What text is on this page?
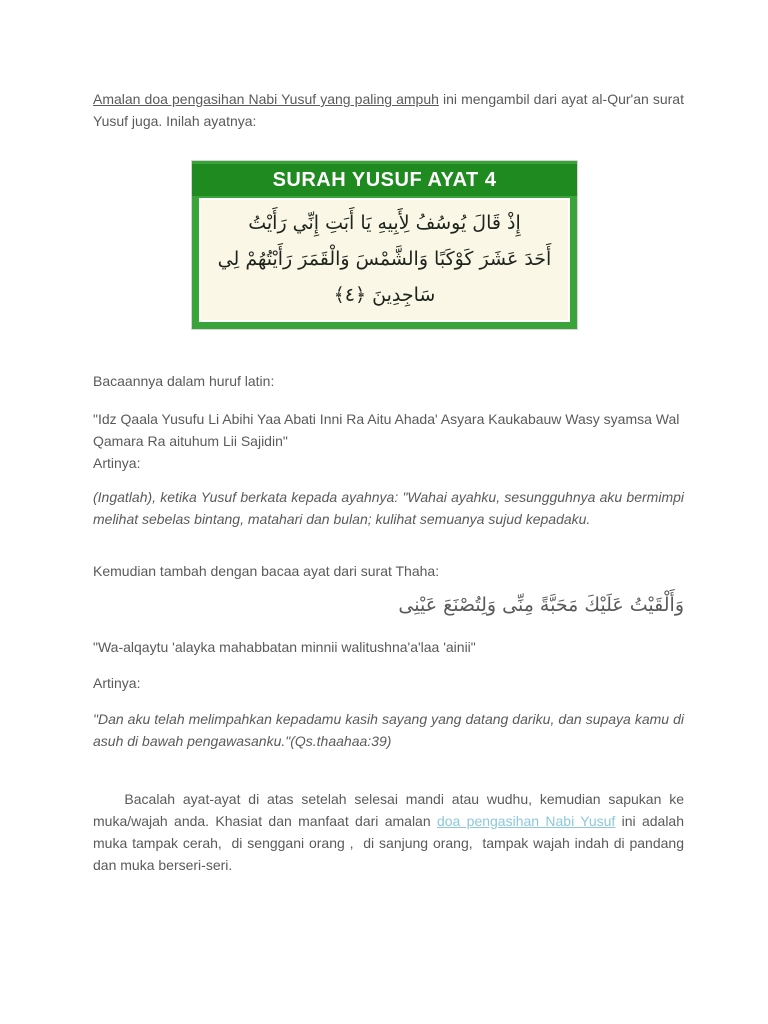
Amalan doa pengasihan Nabi Yusuf yang paling ampuh ini mengambil dari ayat al-Qur'an surat Yusuf juga. Inilah ayatnya:
SURAH YUSUF AYAT 4
إِذْ قَالَ يُوسُفُ لِأَبِيهِ يَا أَبَتِ إِنِّي رَأَيْتُ
أَحَدَ عَشَرَ كَوْكَبًا وَالشَّمْسَ وَالْقَمَرَ رَأَيْتُهُمْ لِي سَاجِدِينَ ﴿٤﴾
Bacaannya dalam huruf latin:
"Idz Qaala Yusufu Li Abihi Yaa Abati Inni Ra Aitu Ahada' Asyara Kaukabauw Wasy syamsa Wal Qamara Ra aituhum Lii Sajidin"
Artinya:
(Ingatlah), ketika Yusuf berkata kepada ayahnya: "Wahai ayahku, sesungguhnya aku bermimpi melihat sebelas bintang, matahari dan bulan; kulihat semuanya sujud kepadaku.
Kemudian tambah dengan bacaa ayat dari surat Thaha:
وَأَلْقَيْتُ عَلَيْكَ مَحَبَّةً مِنِّى وَلِتُصْنَعَ عَيْنِى
"Wa-alqaytu 'alayka mahabbatan minnii walitushna'a'laa 'ainii"
Artinya:
"Dan aku telah melimpahkan kepadamu kasih sayang yang datang dariku, dan supaya kamu di asuh di bawah pengawasanku."(Qs.thaahaa:39)

Bacalah ayat-ayat di atas setelah selesai mandi atau wudhu, kemudian sapukan ke muka/wajah anda. Khasiat dan manfaat dari amalan doa pengasihan Nabi Yusuf ini adalah   muka tampak cerah,  di senggani orang ,  di sanjung orang,  tampak wajah indah di pandang  dan muka berseri-seri.
